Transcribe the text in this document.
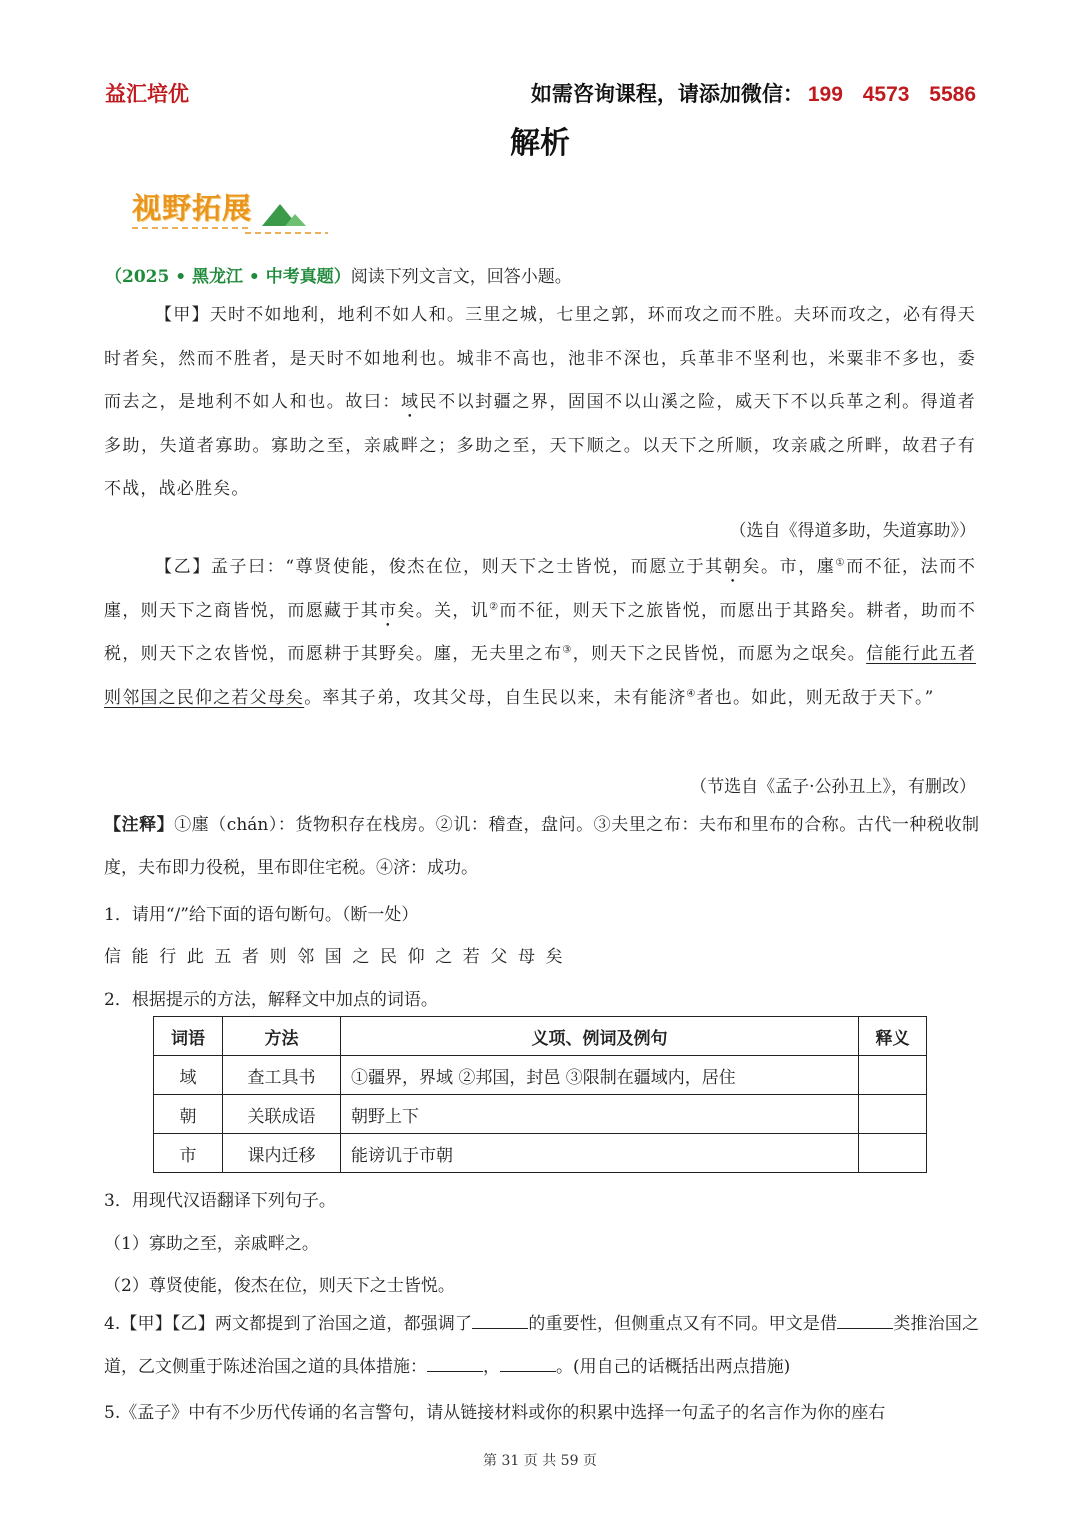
益汇培优	如需咨询课程，请添加微信： 199 4573 5586
解析
视野拓展
（2025 • 黑龙江 • 中考真题）阅读下列文言文，回答小题。
【甲】天时不如地利，地利不如人和。三里之城，七里之郭，环而攻之而不胜。夫环而攻之，必有得天时者矣，然而不胜者，是天时不如地利也。城非不高也，池非不深也，兵革非不坚利也，米粟非不多也，委而去之，是地利不如人和也。故曰：域民不以封疆之界，固国不以山溪之险，威天下不以兵革之利。得道者多助，失道者寡助。寡助之至，亲戚畔之；多助之至，天下顺之。以天下之所顺，攻亲戚之所畔，故君子有不战，战必胜矣。
（选自《得道多助，失道寡助》）
【乙】孟子曰：“尊贤使能，俊杰在位，则天下之士皆悦，而愿立于其朝矣。市，廛①而不征，法而不廛，则天下之商皆悦，而愿藏于其市矣。关，讥②而不征，则天下之旅皆悦，而愿出于其路矣。耕者，助而不税，则天下之农皆悦，而愿耕于其野矣。廛，无夫里之布③，则天下之民皆悦，而愿为之氓矣。信能行此五者则邻国之民仰之若父母矣。率其子弟，攻其父母，自生民以来，未有能济④者也。如此，则无敌于天下。”
（节选自《孟子·公孙丑上》，有删改）
【注释】①廛（chán）：货物积存在栈房。②讥：稽查，盘问。③夫里之布：夫布和里布的合称。古代一种税收制度，夫布即力役税，里布即住宅税。④济：成功。
1．请用“/”给下面的语句断句。（断一处）
信能行此五者则邻国之民仰之若父母矣
2．根据提示的方法，解释文中加点的词语。
词语	方法	义项、例词及例句	释义
域	查工具书	①疆界，界域 ②邦国，封邑 ③限制在疆域内，居住	
朝	关联成语	朝野上下	
市	课内迁移	能谤讥于市朝	
3．用现代汉语翻译下列句子。
（1）寡助之至，亲戚畔之。
（2）尊贤使能，俊杰在位，则天下之士皆悦。
4.【甲】【乙】两文都提到了治国之道，都强调了	的重要性，但侧重点又有不同。甲文是借	类推治国之道，乙文侧重于陈述治国之道的具体措施：	，	。(用自己的话概括出两点措施)
5.《孟子》中有不少历代传诵的名言警句，请从链接材料或你的积累中选择一句孟子的名言作为你的座右
第 31 页 共 59 页
